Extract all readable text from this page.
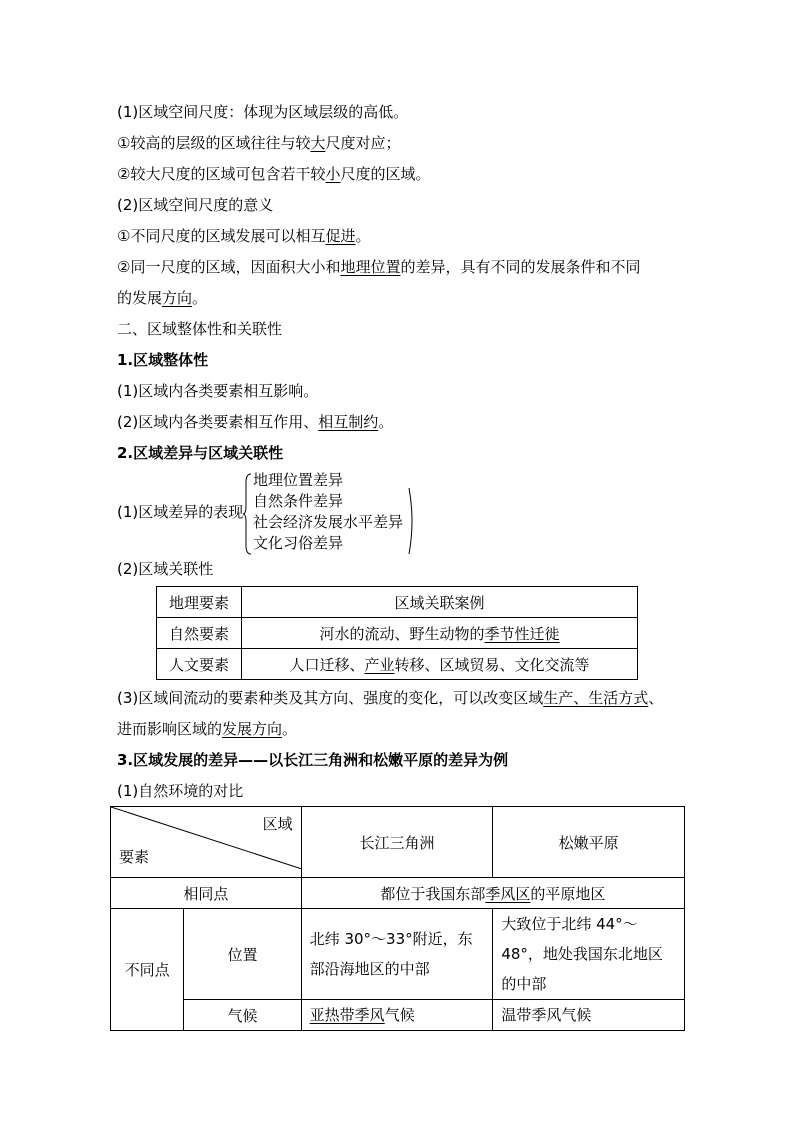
(1)区域空间尺度：体现为区域层级的高低。
①较高的层级的区域往往与较大尺度对应；
②较大尺度的区域可包含若干较小尺度的区域。
(2)区域空间尺度的意义
①不同尺度的区域发展可以相互促进。
②同一尺度的区域，因面积大小和地理位置的差异，具有不同的发展条件和不同
的发展方向。
二、区域整体性和关联性
1.区域整体性
(1)区域内各类要素相互影响。
(2)区域内各类要素相互作用、相互制约。
2.区域差异与区域关联性
(1)区域差异的表现
地理位置差异
自然条件差异
社会经济发展水平差异
文化习俗差异
(2)区域关联性
地理要素	区域关联案例
自然要素	河水的流动、野生动物的季节性迁徙
人文要素	人口迁移、产业转移、区域贸易、文化交流等
(3)区域间流动的要素种类及其方向、强度的变化，可以改变区域生产、生活方式、
进而影响区域的发展方向。
3.区域发展的差异——以长江三角洲和松嫩平原的差异为例
(1)自然环境的对比
区域
要素		长江三角洲	松嫩平原
相同点		都位于我国东部季风区的平原地区	
不同点	位置	北纬 30°～33°附近，东部沿海地区的中部	大致位于北纬 44°～48°，地处我国东北地区的中部
	气候	亚热带季风气候	温带季风气候
